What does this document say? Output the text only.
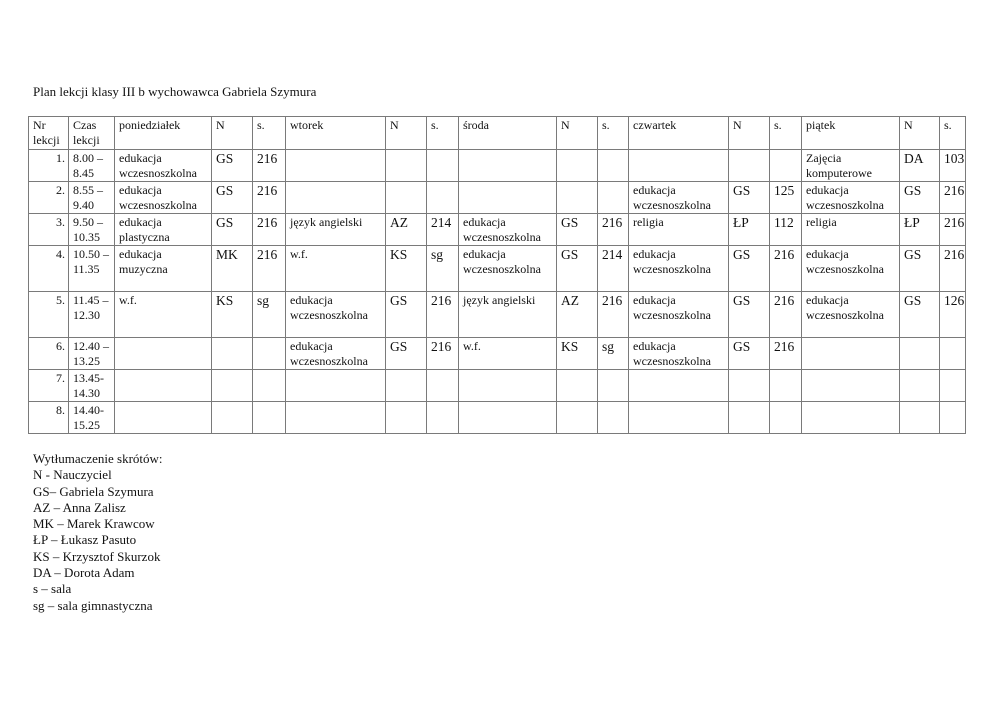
Plan lekcji klasy III b wychowawca Gabriela Szymura
Nr lekcji	Czas lekcji	poniedziałek	N	s.	wtorek	N	s.	środa	N	s.	czwartek	N	s.	piątek	N	s.
1.	8.00 – 8.45	edukacja wczesnoszkolna	GS	216										Zajęcia komputerowe	DA	103
2.	8.55 – 9.40	edukacja wczesnoszkolna	GS	216							edukacja wczesnoszkolna	GS	125	edukacja wczesnoszkolna	GS	216
3.	9.50 – 10.35	edukacja plastyczna	GS	216	język angielski	AZ	214	edukacja wczesnoszkolna	GS	216	religia	ŁP	112	religia	ŁP	216
4.	10.50 – 11.35	edukacja muzyczna	MK	216	w.f.	KS	sg	edukacja wczesnoszkolna	GS	214	edukacja wczesnoszkolna	GS	216	edukacja wczesnoszkolna	GS	216
5.	11.45 – 12.30	w.f.	KS	sg	edukacja wczesnoszkolna	GS	216	język angielski	AZ	216	edukacja wczesnoszkolna	GS	216	edukacja wczesnoszkolna	GS	126
6.	12.40 – 13.25				edukacja wczesnoszkolna	GS	216	w.f.	KS	sg	edukacja wczesnoszkolna	GS	216			
7.	13.45-14.30															
8.	14.40-15.25															
Wytłumaczenie skrótów:
N - Nauczyciel
GS– Gabriela Szymura
AZ – Anna Zalisz
MK – Marek Krawcow
ŁP – Łukasz Pasuto
KS – Krzysztof Skurzok
DA – Dorota Adam
s – sala
sg – sala gimnastyczna
